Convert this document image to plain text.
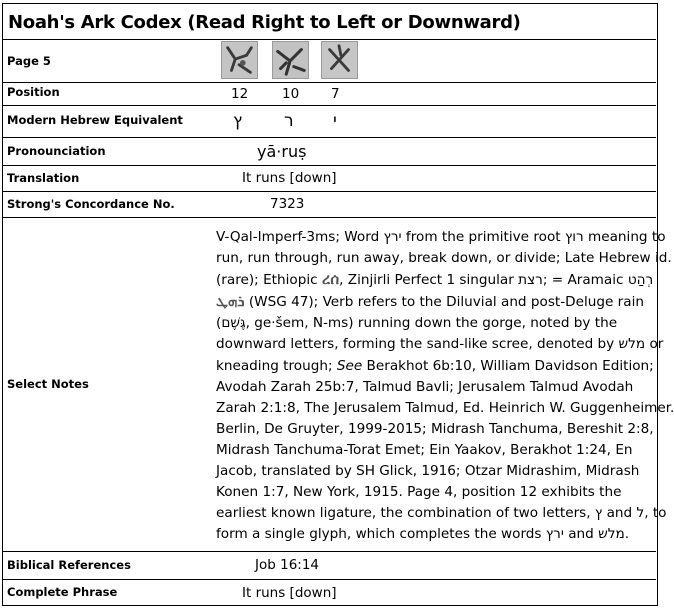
Noah's Ark Codex (Read Right to Left or Downward)
Page 5
Position
Modern Hebrew Equivalent
Pronounciation
Translation
Strong's Concordance No.
Select Notes
Biblical References
Complete Phrase
12	10 7
ץ ר י
yā·ruṣ
It runs [down]
7323
V-Qal-Imperf-3ms; Word ירץ from the primitive root רוץ meaning to
run, run through, run away, break down, or divide; Late Hebrew id.
(rare); Ethiopic ረሰ, Zinjirli Perfect 1 singular רצת; = Aramaic רְהַט
ܪܗܛ (WSG 47); Verb refers to the Diluvial and post-Deluge rain
(גֶּשֶׁם, ge·šem, N-ms) running down the gorge, noted by the
downward letters, forming the sand-like scree, denoted by מלש or
kneading trough; See Berakhot 6b:10, William Davidson Edition;
Avodah Zarah 25b:7, Talmud Bavli; Jerusalem Talmud Avodah
Zarah 2:1:8, The Jerusalem Talmud, Ed. Heinrich W. Guggenheimer.
Berlin, De Gruyter, 1999-2015; Midrash Tanchuma, Bereshit 2:8,
Midrash Tanchuma-Torat Emet; Ein Yaakov, Berakhot 1:24, En
Jacob, translated by SH Glick, 1916; Otzar Midrashim, Midrash
Konen 1:7, New York, 1915. Page 4, position 12 exhibits the
earliest known ligature, the combination of two letters, ץ and ל, to
form a single glyph, which completes the words ירץ and מלש.
Job 16:14
It runs [down]
